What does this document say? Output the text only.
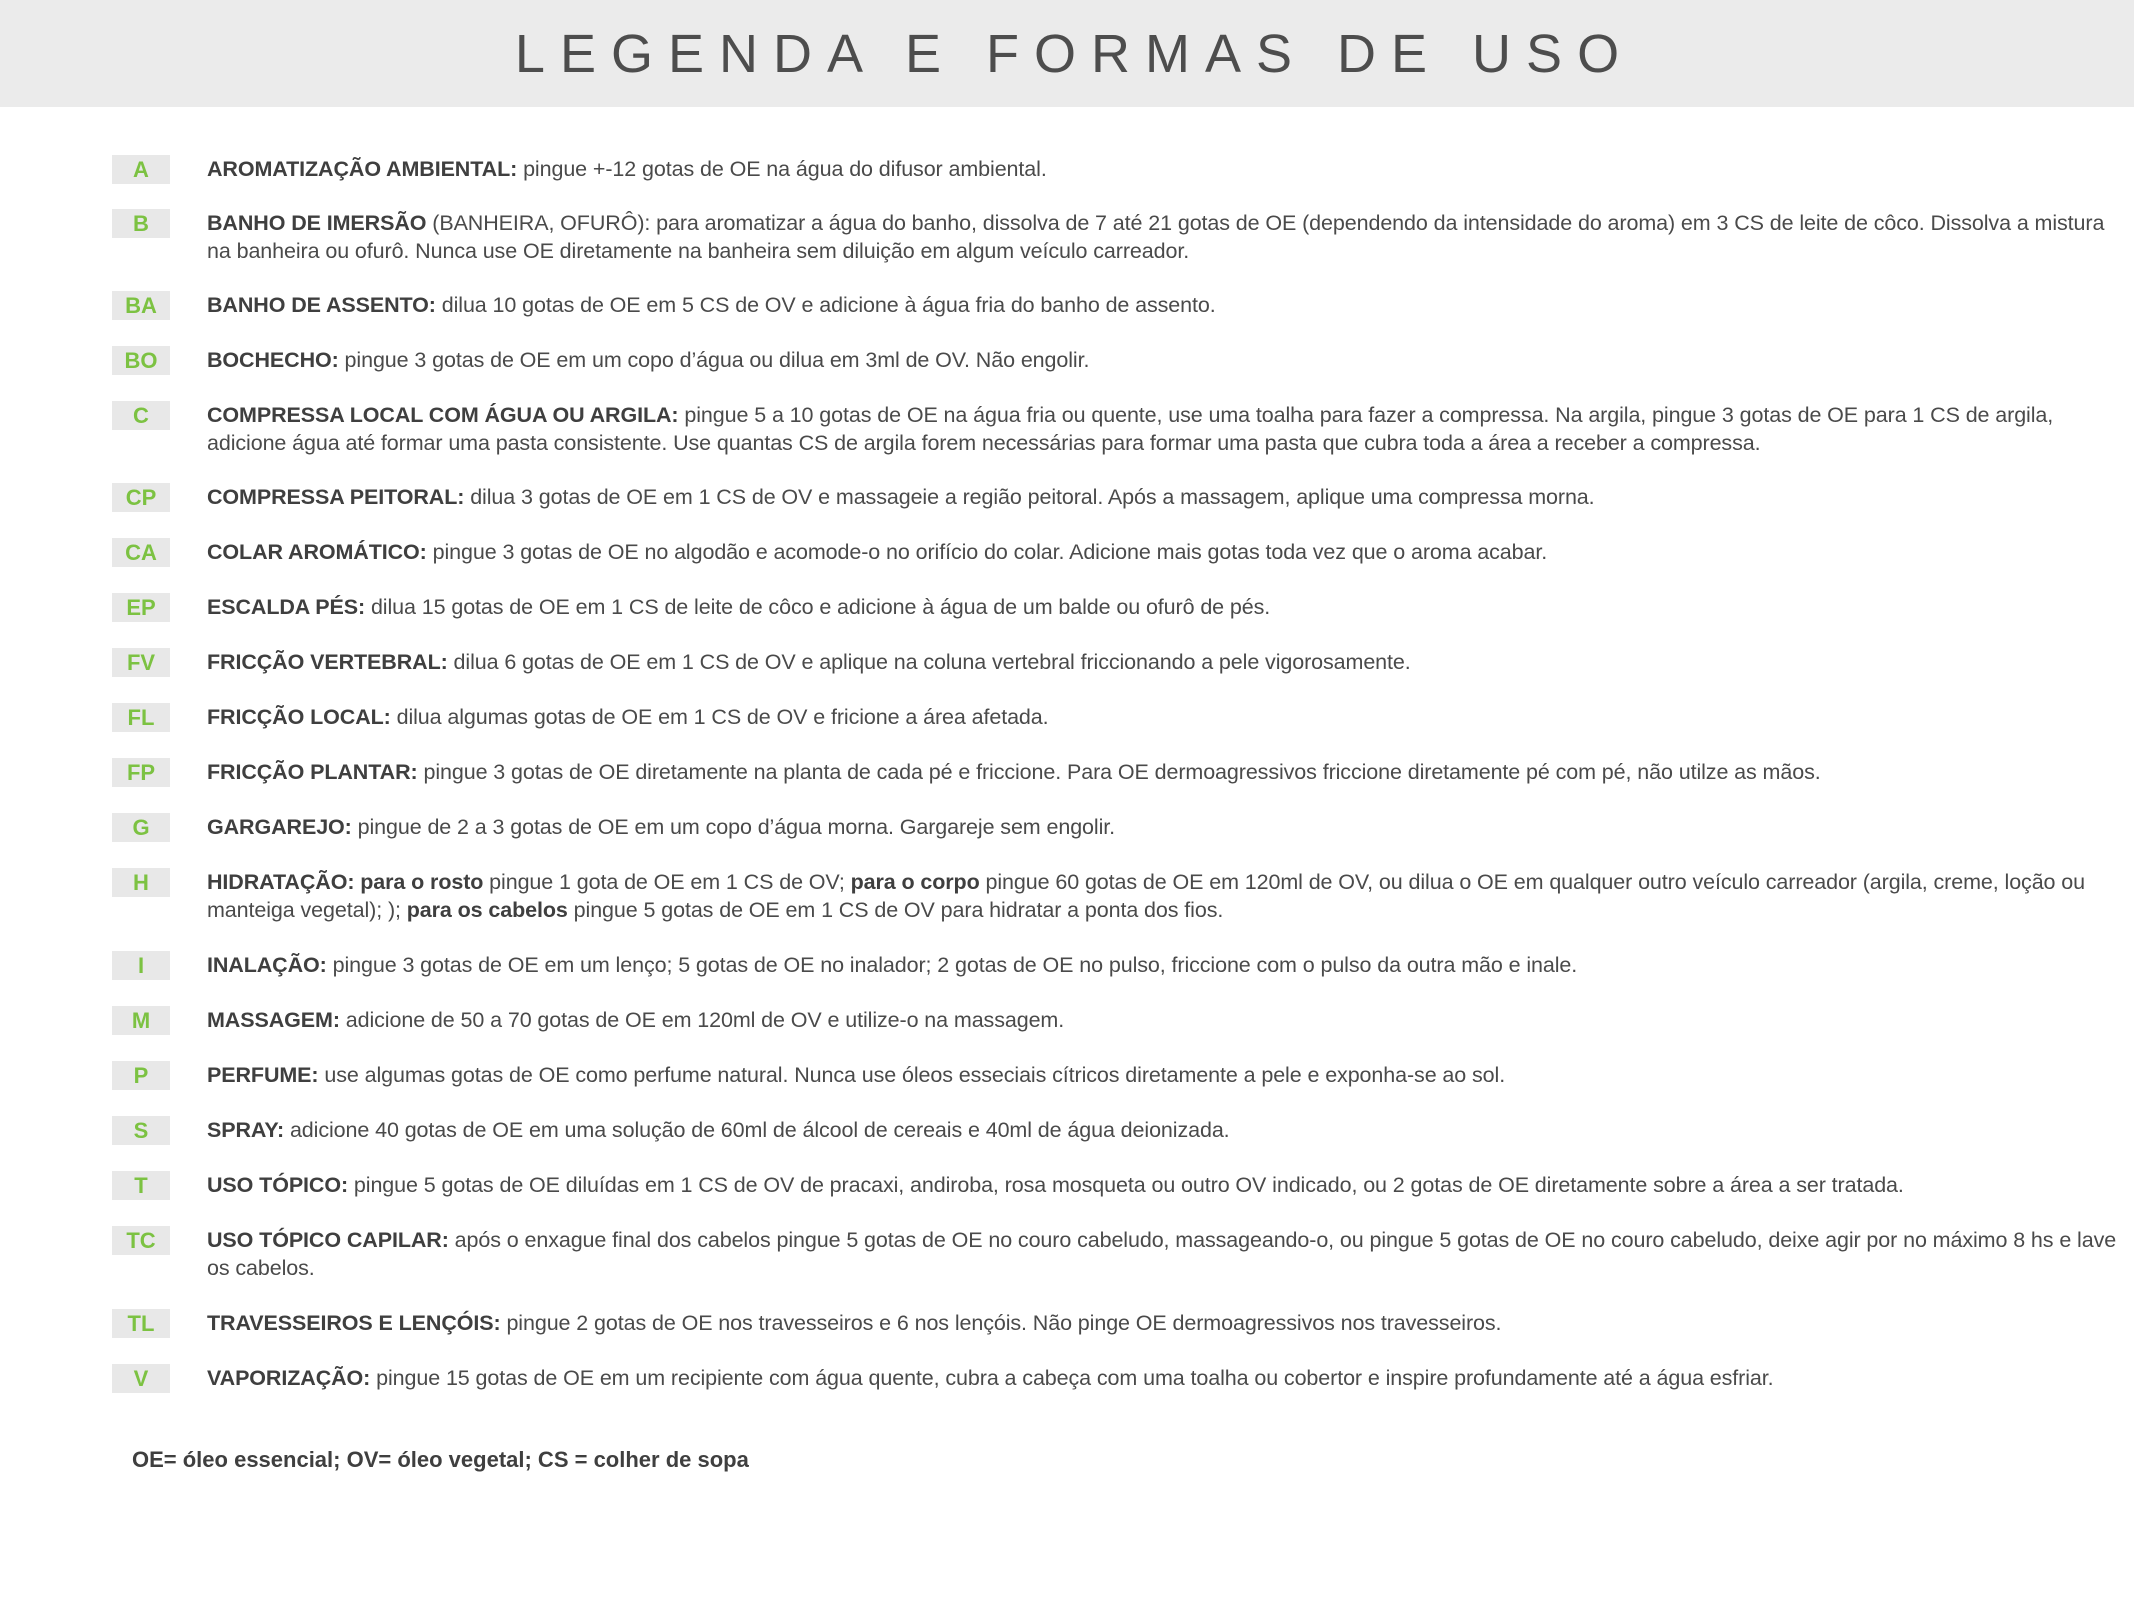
LEGENDA E FORMAS DE USO
A	AROMATIZAÇÃO AMBIENTAL: pingue +-12 gotas de OE na água do difusor ambiental.
B	BANHO DE IMERSÃO (BANHEIRA, OFURÔ): para aromatizar a água do banho, dissolva de 7 até 21 gotas de OE (dependendo da intensidade do aroma) em 3 CS de leite de côco. Dissolva a mistura na banheira ou ofurô. Nunca use OE diretamente na banheira sem diluição em algum veículo carreador.
BA	BANHO DE ASSENTO: dilua 10 gotas de OE em 5 CS de OV e adicione à água fria do banho de assento.
BO	BOCHECHO: pingue 3 gotas de OE em um copo d’água ou dilua em 3ml de OV. Não engolir.
C	COMPRESSA LOCAL COM ÁGUA OU ARGILA: pingue 5 a 10 gotas de OE na água fria ou quente, use uma toalha para fazer a compressa. Na argila, pingue 3 gotas de OE para 1 CS de argila, adicione água até formar uma pasta consistente. Use quantas CS de argila forem necessárias para formar uma pasta que cubra toda a área a receber a compressa.
CP	COMPRESSA PEITORAL: dilua 3 gotas de OE em 1 CS de OV e massageie a região peitoral. Após a massagem, aplique uma compressa morna.
CA	COLAR AROMÁTICO: pingue 3 gotas de OE no algodão e acomode-o no orifício do colar. Adicione mais gotas toda vez que o aroma acabar.
EP	ESCALDA PÉS: dilua 15 gotas de OE em 1 CS de leite de côco e adicione à água de um balde ou ofurô de pés.
FV	FRICÇÃO VERTEBRAL: dilua 6 gotas de OE em 1 CS de OV e aplique na coluna vertebral friccionando a pele vigorosamente.
FL	FRICÇÃO LOCAL: dilua algumas gotas de OE em 1 CS de OV e fricione a área afetada.
FP	FRICÇÃO PLANTAR: pingue 3 gotas de OE diretamente na planta de cada pé e friccione. Para OE dermoagressivos friccione diretamente pé com pé, não utilze as mãos.
G	GARGAREJO: pingue de 2 a 3 gotas de OE em um copo d’água morna. Gargareje sem engolir.
H	HIDRATAÇÃO: para o rosto pingue 1 gota de OE em 1 CS de OV; para o corpo pingue 60 gotas de OE em 120ml de OV, ou dilua o OE em qualquer outro veículo carreador (argila, creme, loção ou manteiga vegetal); ); para os cabelos pingue 5 gotas de OE em 1 CS de OV para hidratar a ponta dos fios.
I	INALAÇÃO: pingue 3 gotas de OE em um lenço; 5 gotas de OE no inalador; 2 gotas de OE no pulso, friccione com o pulso da outra mão e inale.
M	MASSAGEM: adicione de 50 a 70 gotas de OE em 120ml de OV e utilize-o na massagem.
P	PERFUME: use algumas gotas de OE como perfume natural. Nunca use óleos esseciais cítricos diretamente a pele e exponha-se ao sol.
S	SPRAY: adicione 40 gotas de OE em uma solução de 60ml de álcool de cereais e 40ml de água deionizada.
T	USO TÓPICO: pingue 5 gotas de OE diluídas em 1 CS de OV de pracaxi, andiroba, rosa mosqueta ou outro OV indicado, ou 2 gotas de OE diretamente sobre a área a ser tratada.
TC	USO TÓPICO CAPILAR: após o enxague final dos cabelos pingue 5 gotas de OE no couro cabeludo, massageando-o, ou pingue 5 gotas de OE no couro cabeludo, deixe agir por no máximo 8 hs e lave os cabelos.
TL	TRAVESSEIROS E LENÇÓIS: pingue 2 gotas de OE nos travesseiros e 6 nos lençóis. Não pinge OE dermoagressivos nos travesseiros.
V	VAPORIZAÇÃO: pingue 15 gotas de OE em um recipiente com água quente, cubra a cabeça com uma toalha ou cobertor e inspire profundamente até a água esfriar.
OE= óleo essencial; OV= óleo vegetal; CS = colher de sopa
